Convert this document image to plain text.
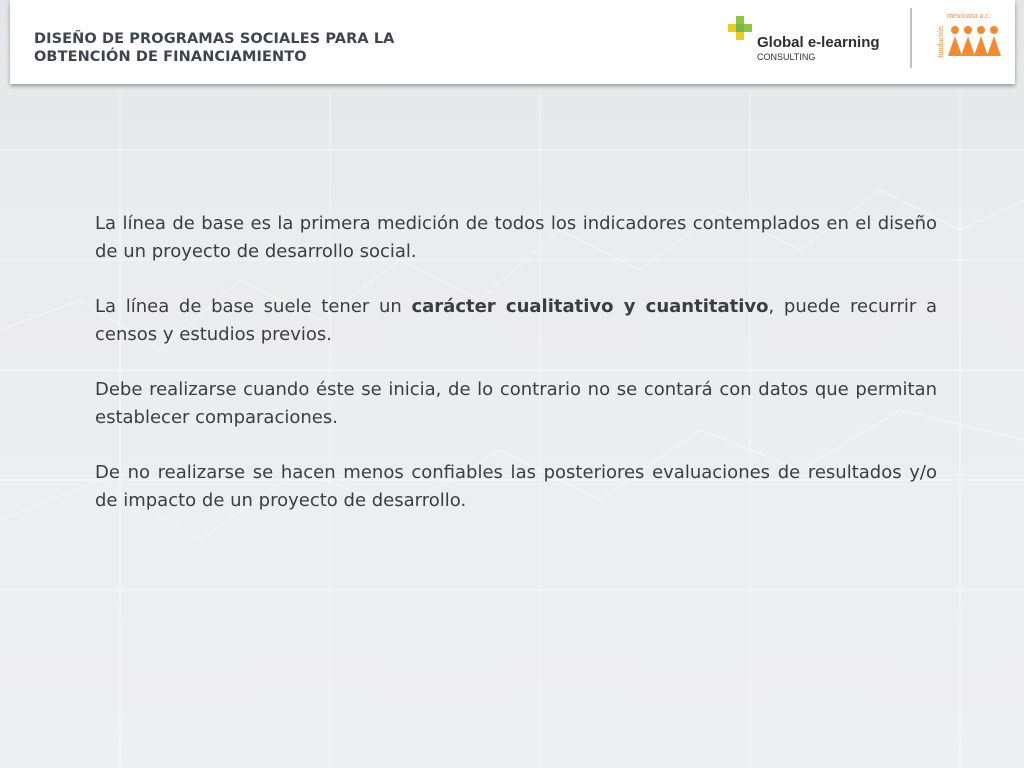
DISEÑO DE PROGRAMAS SOCIALES PARA LA
OBTENCIÓN DE FINANCIAMIENTO
Global e-learning
CONSULTING	fundación
mexicana a.c.

La línea de base es la primera medición de todos los indicadores contemplados en el diseño de un proyecto de desarrollo social.

La línea de base suele tener un carácter cualitativo y cuantitativo, puede recurrir a censos y estudios previos.

Debe realizarse cuando éste se inicia, de lo contrario no se contará con datos que permitan establecer comparaciones.

De no realizarse se hacen menos confiables las posteriores evaluaciones de resultados y/o de impacto de un proyecto de desarrollo.
